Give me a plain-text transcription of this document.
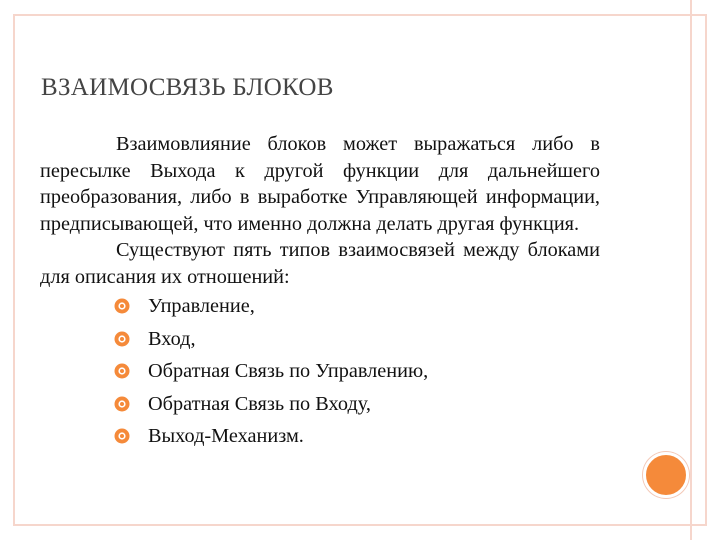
ВЗАИМОСВЯЗЬ БЛОКОВ

Взаимовлияние блоков может выражаться либо в пересылке Выхода к другой функции для дальнейшего преобразования, либо в выработке Управляющей информации, предписывающей, что именно должна делать другая функция.

Существуют пять типов взаимосвязей между блоками для описания их отношений:

Управление,
Вход,
Обратная Связь по Управлению,
Обратная Связь по Входу,
Выход-Механизм.
